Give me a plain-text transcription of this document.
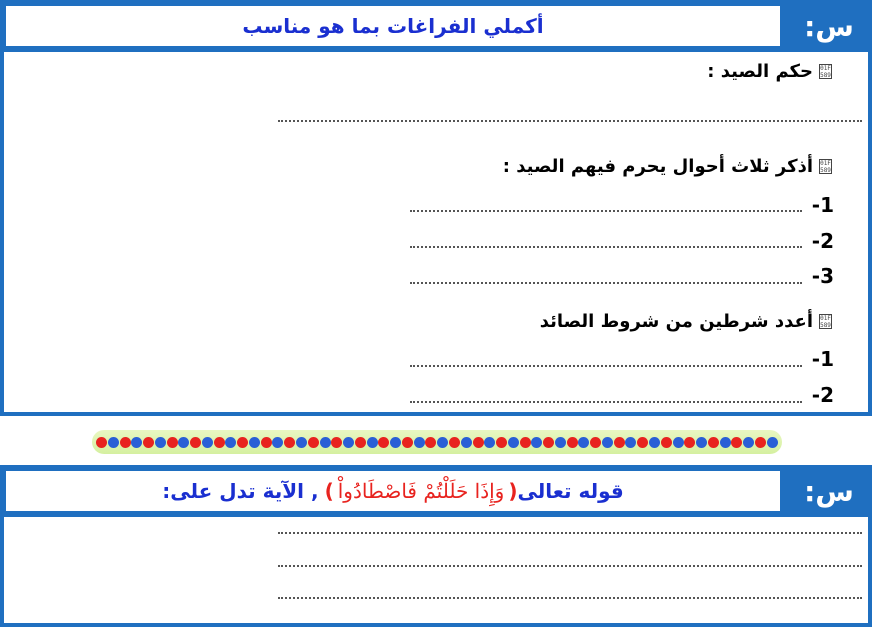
أكملي الفراغات بما هو مناسب	س:
01F
589
حكم الصيد :
01F
589
أذكر ثلاث أحوال يحرم فيهم الصيد :
1-
2-
3-
01F
589
أعدد شرطين من شروط الصائد
1-
2-
قوله تعالى
(
وَإِذَا حَلَلْتُمْ فَاصْطَادُواْ
)
, الآية تدل على:	س:
